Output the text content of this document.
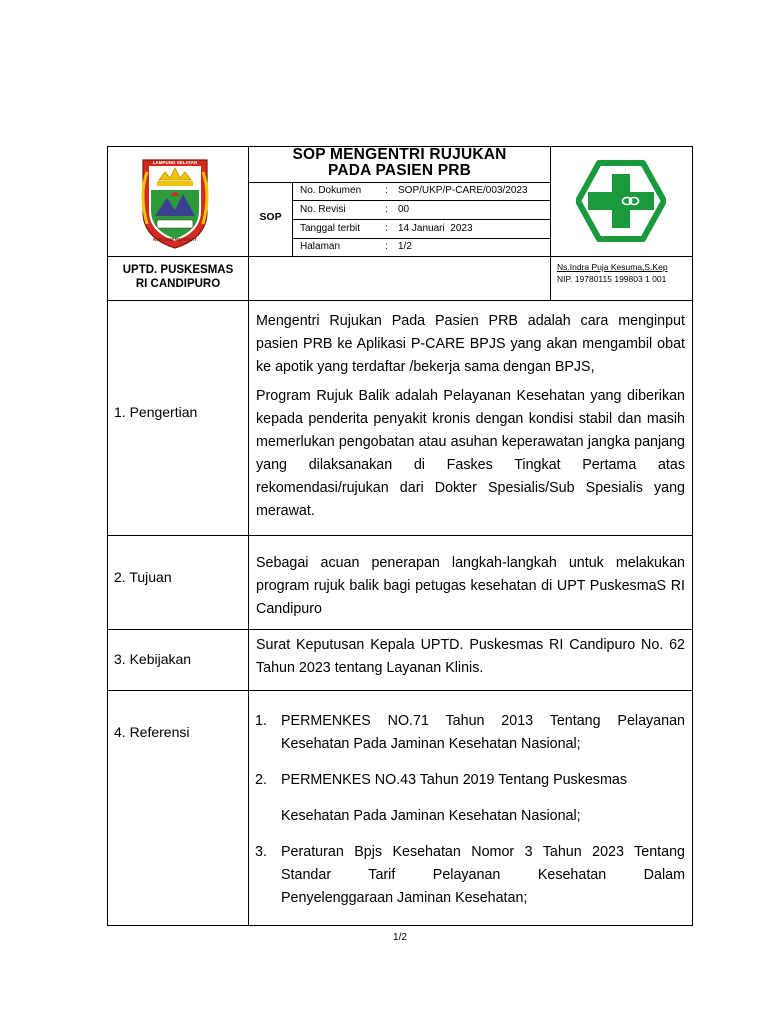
LAMPUNG SELATAN
KHAGOM MUFAKAT
SOP MENGENTRI RUJUKAN
PADA PASIEN PRB
SOP
No. Dokumen : SOP/UKP/P-CARE/003/2023
No. Revisi	: 00
Tanggal terbit : 14 Januari  2023
Halaman	: 1/2
UPTD. PUSKESMAS
RI CANDIPURO
Ns.Indra Puja Kesuma,S.Kep
NIP. 19780115 199803 1 001
1. Pengertian

Mengentri Rujukan Pada Pasien PRB adalah cara menginput pasien PRB ke Aplikasi P-CARE BPJS yang akan mengambil obat ke apotik yang terdaftar /bekerja sama dengan BPJS,

Program Rujuk Balik adalah Pelayanan Kesehatan yang diberikan kepada penderita penyakit kronis dengan kondisi stabil dan masih memerlukan pengobatan atau asuhan keperawatan jangka panjang yang dilaksanakan di Faskes Tingkat Pertama atas rekomendasi/rujukan dari Dokter Spesialis/Sub Spesialis yang merawat.

2. Tujuan
Sebagai acuan penerapan langkah-langkah untuk melakukan program rujuk balik bagi petugas kesehatan di UPT PuskesmaS RI Candipuro
3. Kebijakan
Surat Keputusan Kepala UPTD. Puskesmas RI Candipuro No. 62 Tahun 2023 tentang Layanan Klinis.
4. Referensi
1. PERMENKES NO.71 Tahun 2013 Tentang Pelayanan
Kesehatan Pada Jaminan Kesehatan Nasional;
2. PERMENKES NO.43 Tahun 2019 Tentang Puskesmas
Kesehatan Pada Jaminan Kesehatan Nasional;
3. Peraturan Bpjs Kesehatan Nomor 3 Tahun 2023 Tentang Standar Tarif Pelayanan Kesehatan Dalam
Penyelenggaraan Jaminan Kesehatan;
1/2
